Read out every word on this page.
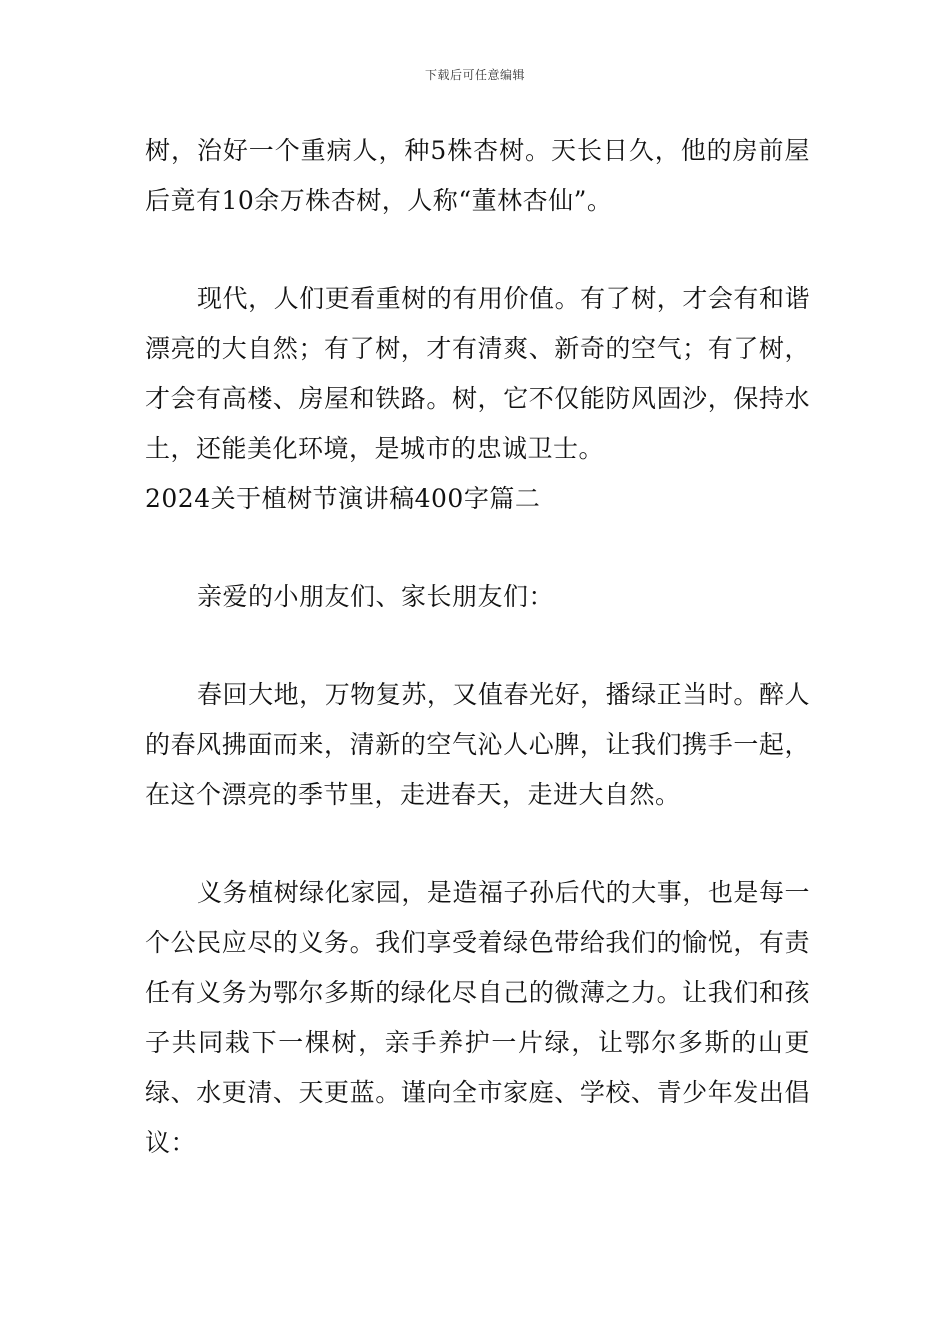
下载后可任意编辑

树，治好一个重病人，种5株杏树。天长日久，他的房前屋后竟有10余万株杏树，人称“董林杏仙”。

现代，人们更看重树的有用价值。有了树，才会有和谐漂亮的大自然；有了树，才有清爽、新奇的空气；有了树，才会有高楼、房屋和铁路。树，它不仅能防风固沙，保持水土，还能美化环境，是城市的忠诚卫士。

2024关于植树节演讲稿400字篇二

亲爱的小朋友们、家长朋友们：

春回大地，万物复苏，又值春光好，播绿正当时。醉人的春风拂面而来，清新的空气沁人心脾，让我们携手一起，在这个漂亮的季节里，走进春天，走进大自然。

义务植树绿化家园，是造福子孙后代的大事，也是每一个公民应尽的义务。我们享受着绿色带给我们的愉悦，有责任有义务为鄂尔多斯的绿化尽自己的微薄之力。让我们和孩子共同栽下一棵树，亲手养护一片绿，让鄂尔多斯的山更绿、水更清、天更蓝。谨向全市家庭、学校、青少年发出倡议：
